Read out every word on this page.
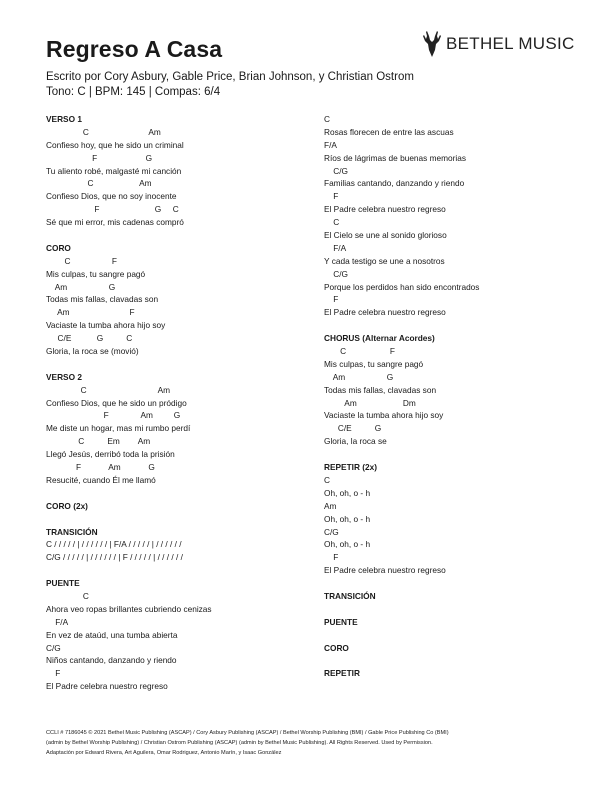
Regreso A Casa
Escrito por Cory Asbury, Gable Price, Brian Johnson, y Christian Ostrom
Tono: C | BPM: 145 | Compas: 6/4
BETHEL MUSIC
VERSO 1
C                          Am
Confieso hoy, que he sido un criminal
F                     G
Tu aliento robé, malgasté mi canción
C                    Am
Confieso Dios, que no soy inocente
F                        G     C
Sé que mi error, mis cadenas compró
CORO
C                  F
Mis culpas, tu sangre pagó
Am                  G
Todas mis fallas, clavadas son
Am                          F
Vaciaste la tumba ahora hijo soy
C/E           G          C
Gloria, la roca se (movió)
VERSO 2
C                               Am
Confieso Dios, que he sido un pródigo
F              Am         G
Me diste un hogar, mas mi rumbo perdí
C          Em        Am
Llegó Jesús, derribó toda la prisión
F            Am            G
Resucité, cuando Él me llamó
CORO (2x)
TRANSICIÓN
C / / / / / | / / / / / / | F/A / / / / / | / / / / / /
C/G / / / / / | / / / / / / | F / / / / / | / / / / / /
PUENTE
C
Ahora veo ropas brillantes cubriendo cenizas
F/A
En vez de ataúd, una tumba abierta
C/G
Niños cantando, danzando y riendo
F
El Padre celebra nuestro regreso
C
Rosas florecen de entre las ascuas
F/A
Ríos de lágrimas de buenas memorias
C/G
Familias cantando, danzando y riendo
F
El Padre celebra nuestro regreso
C
El Cielo se une al sonido glorioso
F/A
Y cada testigo se une a nosotros
C/G
Porque los perdidos han sido encontrados
F
El Padre celebra nuestro regreso
CHORUS (Alternar Acordes)
C                   F
Mis culpas, tu sangre pagó
Am                  G
Todas mis fallas, clavadas son
Am                    Dm
Vaciaste la tumba ahora hijo soy
C/E          G
Gloria, la roca se
REPETIR (2x)
C
Oh, oh, o - h
Am
Oh, oh, o - h
C/G
Oh, oh, o - h
F
El Padre celebra nuestro regreso
TRANSICIÓN
PUENTE
CORO
REPETIR
CCLI # 7186045 © 2021 Bethel Music Publishing (ASCAP) / Cory Asbury Publishing (ASCAP) / Bethel Worship Publishing (BMI) / Gable Price Publishing Co (BMI)
(admin by Bethel Worship Publishing) / Christian Ostrom Publishing (ASCAP) (admin by Bethel Music Publishing). All Rights Reserved. Used by Permission.
Adaptación por Edward Rivera, Art Aguilera, Omar Rodriguez, Antonio Marín, y Isaac González
